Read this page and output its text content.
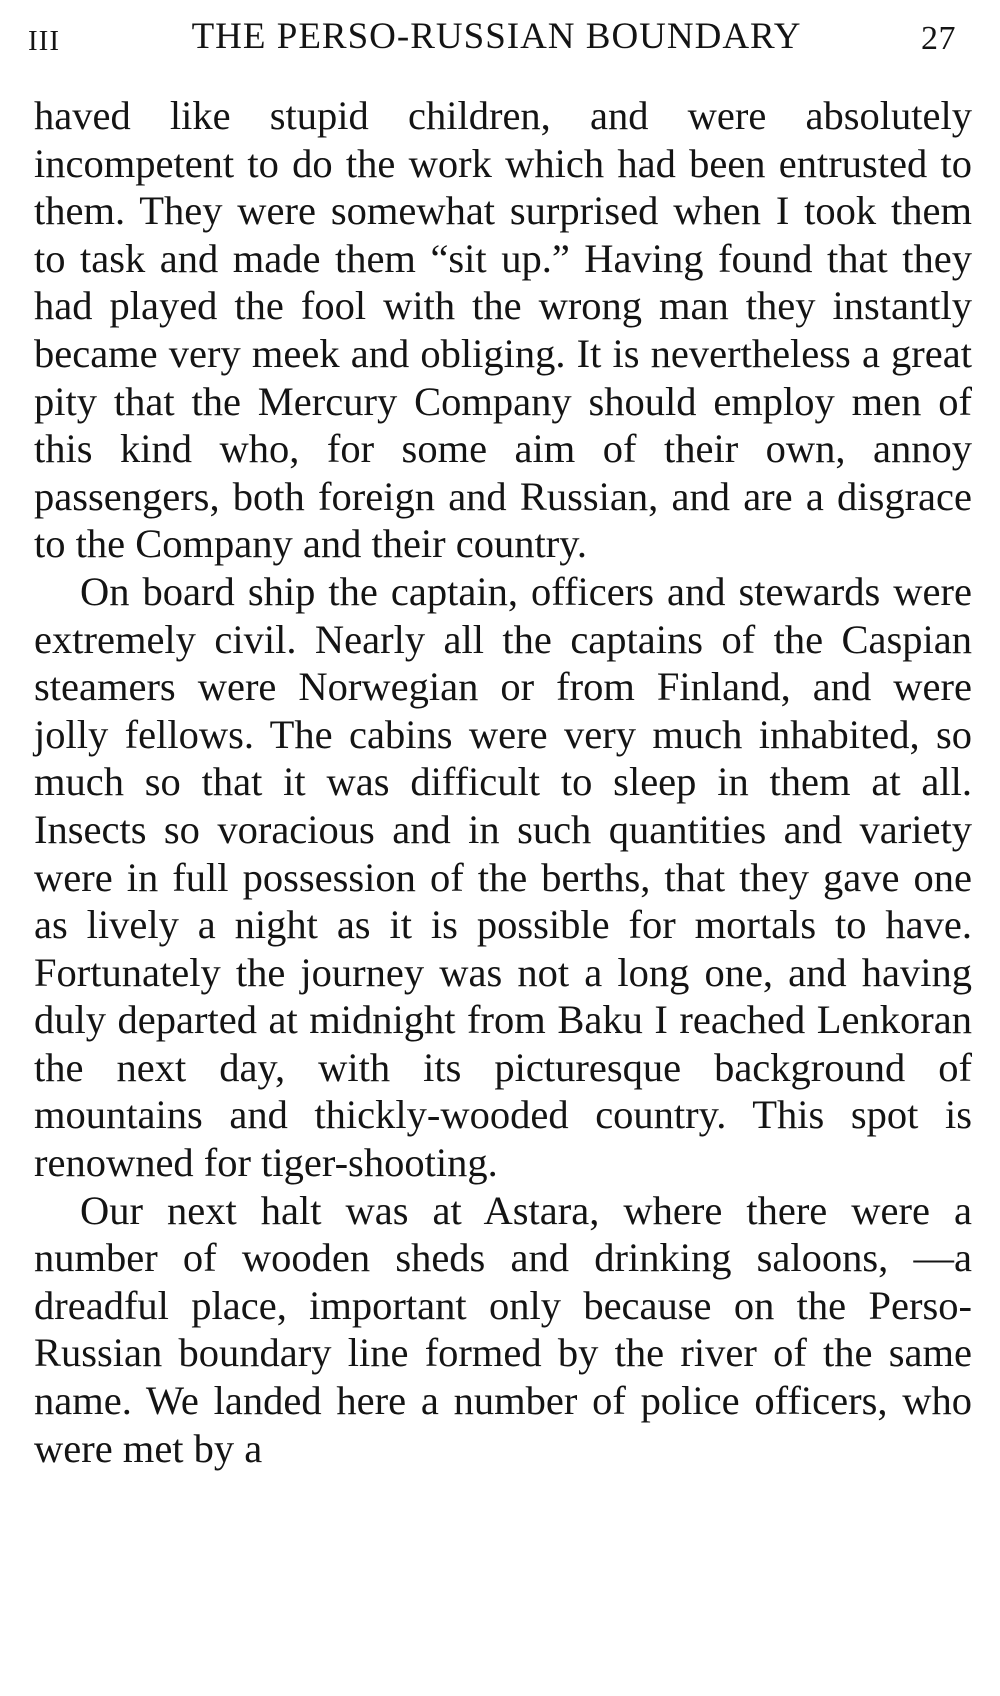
III	THE PERSO-RUSSIAN BOUNDARY	27

haved like stupid children, and were absolutely incompetent to do the work which had been entrusted to them. They were somewhat surprised when I took them to task and made them “sit up.” Having found that they had played the fool with the wrong man they instantly became very meek and obliging. It is nevertheless a great pity that the Mercury Company should employ men of this kind who, for some aim of their own, annoy passengers, both foreign and Russian, and are a disgrace to the Company and their country.

On board ship the captain, officers and stewards were extremely civil. Nearly all the captains of the Caspian steamers were Norwegian or from Finland, and were jolly fellows. The cabins were very much inhabited, so much so that it was difficult to sleep in them at all. Insects so voracious and in such quantities and variety were in full possession of the berths, that they gave one as lively a night as it is possible for mortals to have. Fortunately the journey was not a long one, and having duly departed at midnight from Baku I reached Lenkoran the next day, with its picturesque background of mountains and thickly-wooded country. This spot is renowned for tiger-shooting.

Our next halt was at Astara, where there were a number of wooden sheds and drinking saloons, —a dreadful place, important only because on the Perso-Russian boundary line formed by the river of the same name. We landed here a number of police officers, who were met by a
